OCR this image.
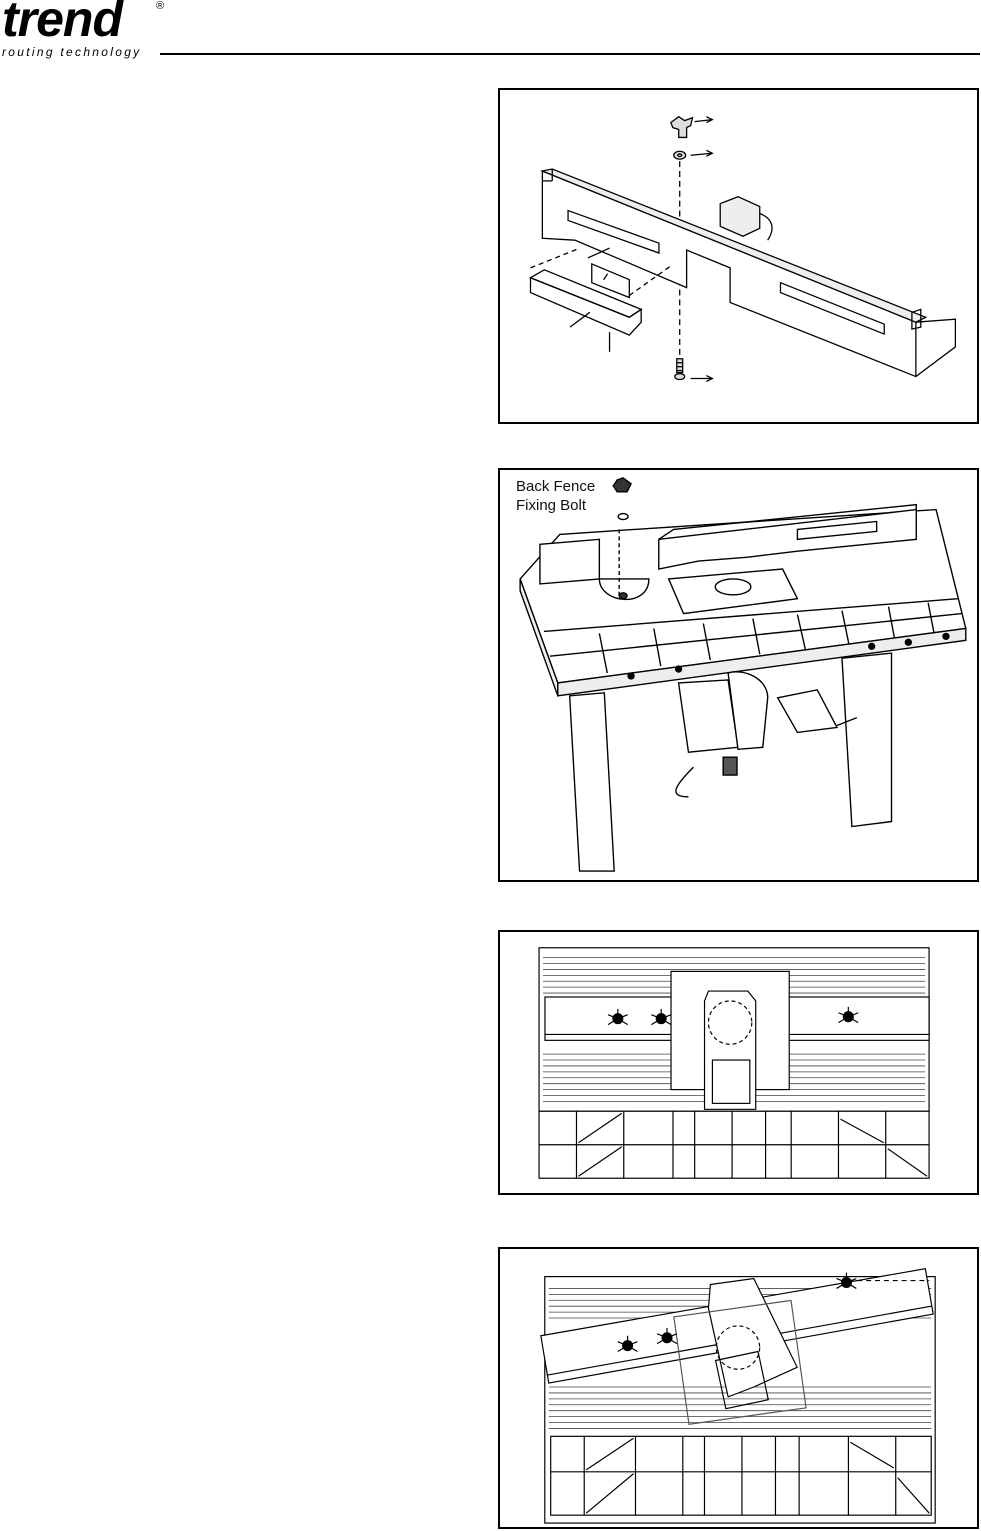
trend	®
routing technology
Back Fence
Fixing Bolt
